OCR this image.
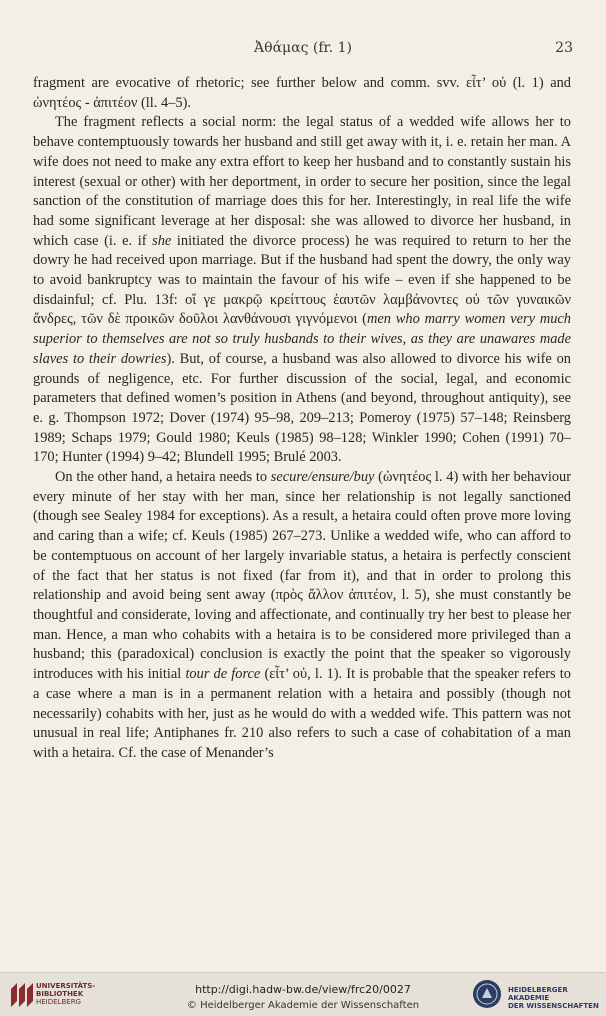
Ἀθάμας (fr. 1)	23

fragment are evocative of rhetoric; see further below and comm. svv. εἶτ’ οὐ (l. 1) and ὠνητέος - ἀπιτέον (ll. 4–5).

The fragment reflects a social norm: the legal status of a wedded wife allows her to behave contemptuously towards her husband and still get away with it, i. e. retain her man. A wife does not need to make any extra effort to keep her husband and to constantly sustain his interest (sexual or other) with her deportment, in order to secure her position, since the legal sanction of the constitution of marriage does this for her. Interestingly, in real life the wife had some significant leverage at her disposal: she was allowed to divorce her husband, in which case (i. e. if she initiated the divorce process) he was required to return to her the dowry he had received upon marriage. But if the husband had spent the dowry, the only way to avoid bankruptcy was to maintain the favour of his wife – even if she happened to be disdainful; cf. Plu. 13f: οἵ γε μακρῷ κρείττους ἑαυτῶν λαμβάνοντες οὐ τῶν γυναικῶν ἄνδρες, τῶν δὲ προικῶν δοῦλοι λανθάνουσι γιγνόμενοι (men who marry women very much superior to themselves are not so truly husbands to their wives, as they are unawares made slaves to their dowries). But, of course, a husband was also allowed to divorce his wife on grounds of negligence, etc. For further discussion of the social, legal, and economic parameters that defined women’s position in Athens (and beyond, throughout antiquity), see e. g. Thompson 1972; Dover (1974) 95–98, 209–213; Pomeroy (1975) 57–148; Reinsberg 1989; Schaps 1979; Gould 1980; Keuls (1985) 98–128; Winkler 1990; Cohen (1991) 70–170; Hunter (1994) 9–42; Blundell 1995; Brulé 2003.

On the other hand, a hetaira needs to secure/ensure/buy (ὠνητέος l. 4) with her behaviour every minute of her stay with her man, since her relationship is not legally sanctioned (though see Sealey 1984 for exceptions). As a result, a hetaira could often prove more loving and caring than a wife; cf. Keuls (1985) 267–273. Unlike a wedded wife, who can afford to be contemptuous on account of her largely invariable status, a hetaira is perfectly conscient of the fact that her status is not fixed (far from it), and that in order to prolong this relationship and avoid being sent away (πρὸς ἄλλον ἀπιτέον, l. 5), she must constantly be thoughtful and considerate, loving and affectionate, and continually try her best to please her man. Hence, a man who cohabits with a hetaira is to be considered more privileged than a husband; this (paradoxical) conclusion is exactly the point that the speaker so vigorously introduces with his initial tour de force (εἶτ’ οὐ, l. 1). It is probable that the speaker refers to a case where a man is in a permanent relation with a hetaira and possibly (though not necessarily) cohabits with her, just as he would do with a wedded wife. This pattern was not unusual in real life; Antiphanes fr. 210 also refers to such a case of cohabitation of a man with a hetaira. Cf. the case of Menander’s

UNIVERSITÄTS-
BIBLIOTHEK
HEIDELBERG
http://digi.hadw-bw.de/view/frc20/0027
© Heidelberger Akademie der Wissenschaften
HEIDELBERGER AKADEMIE
DER WISSENSCHAFTEN
